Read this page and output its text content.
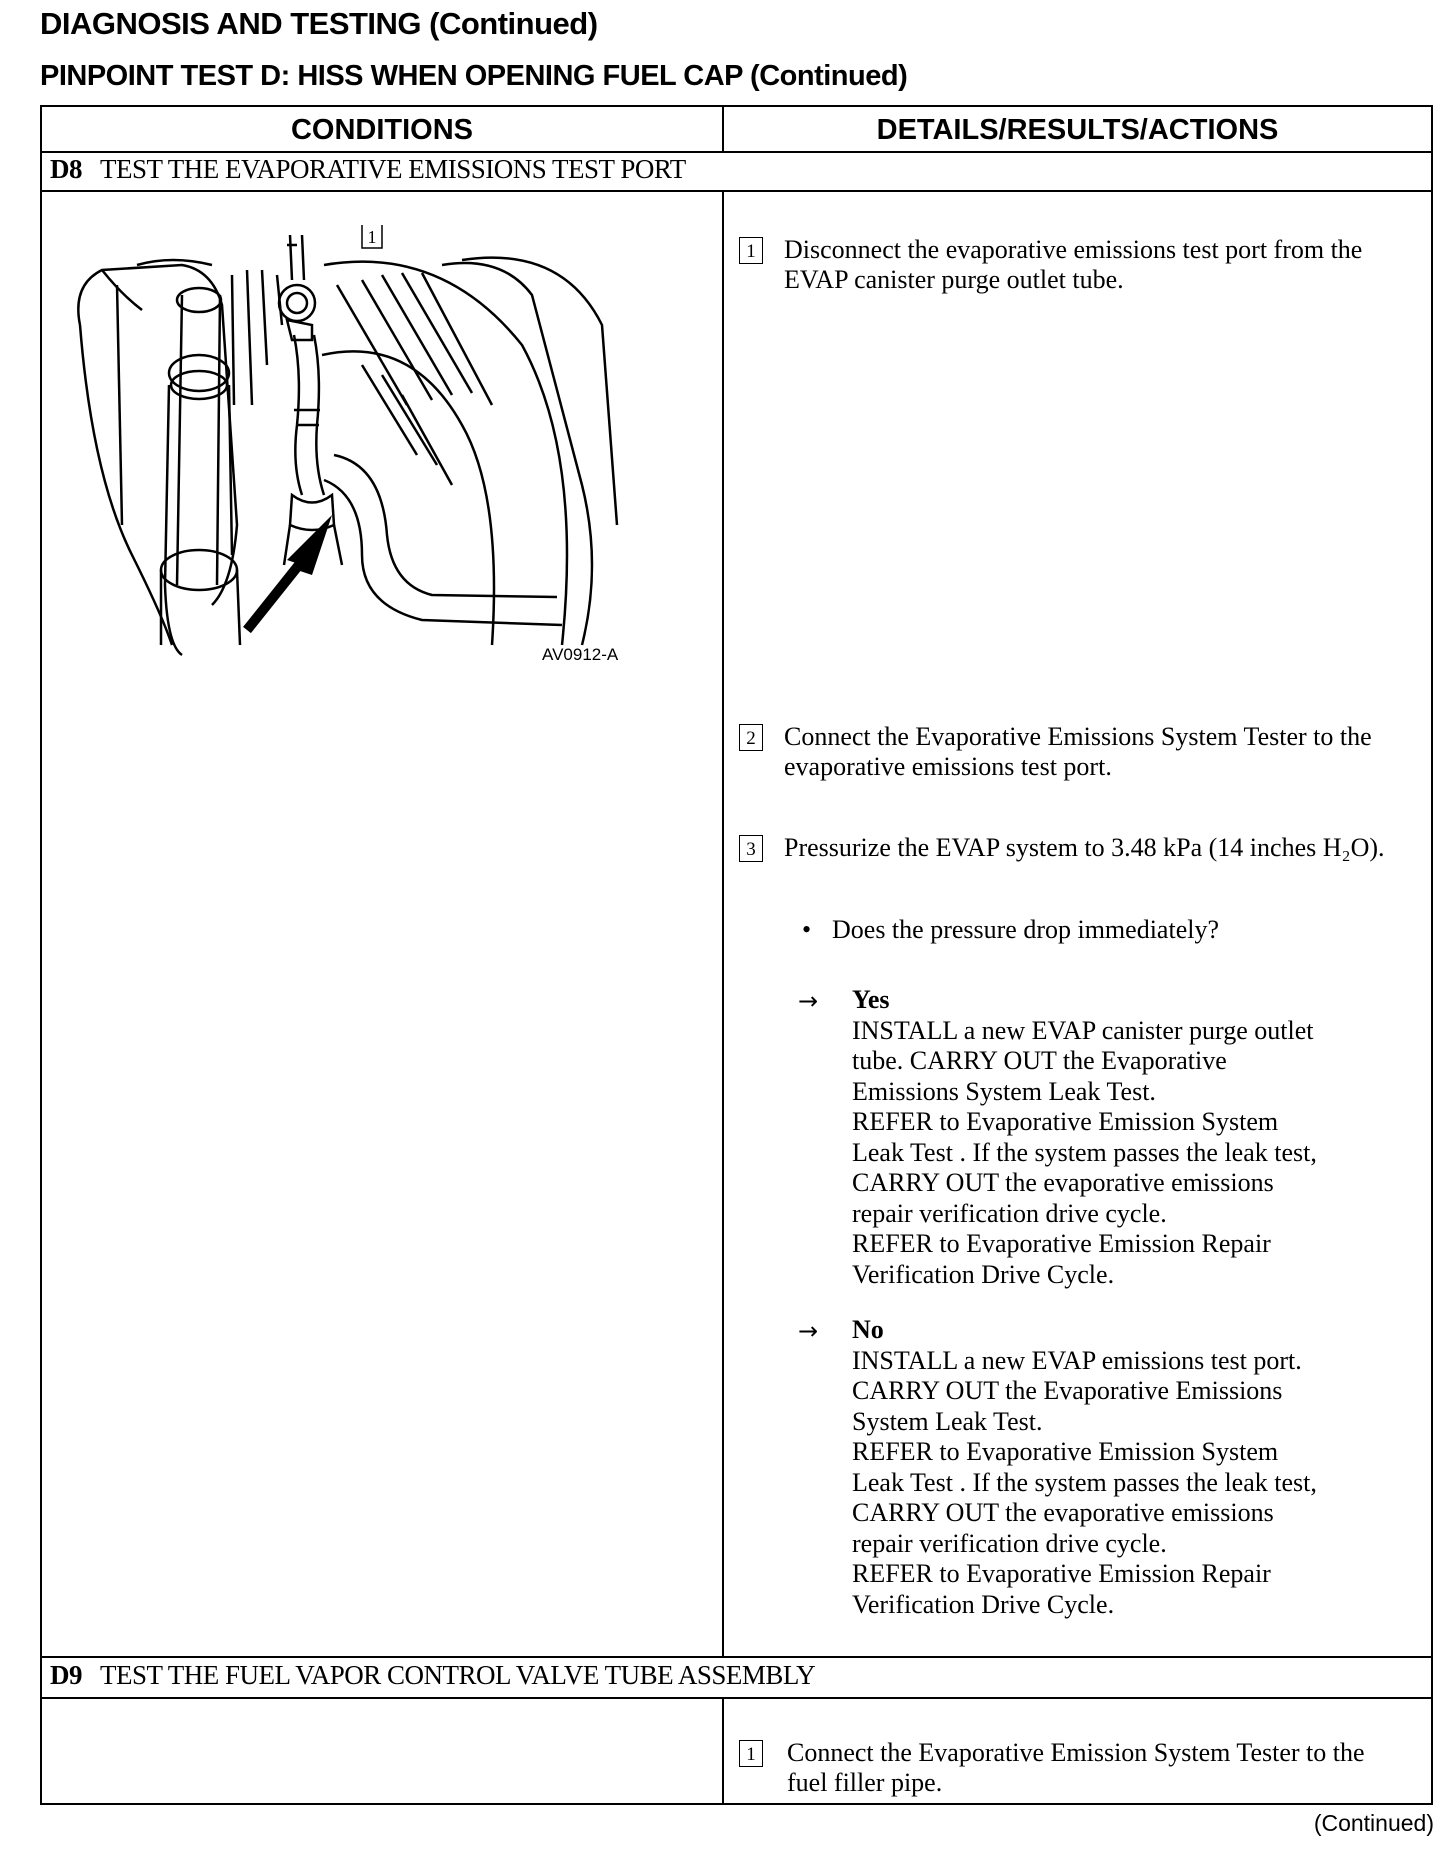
DIAGNOSIS AND TESTING (Continued)
PINPOINT TEST D: HISS WHEN OPENING FUEL CAP (Continued)
CONDITIONS	DETAILS/RESULTS/ACTIONS
D8 TEST THE EVAPORATIVE EMISSIONS TEST PORT
D9 TEST THE FUEL VAPOR CONTROL VALVE TUBE ASSEMBLY
1 Disconnect the evaporative emissions test port from the EVAP canister purge outlet tube.
2 Connect the Evaporative Emissions System Tester to the evaporative emissions test port.
3 Pressurize the EVAP system to 3.48 kPa (14 inches H₂O).
• Does the pressure drop immediately?
→ Yes
INSTALL a new EVAP canister purge outlet
tube. CARRY OUT the Evaporative
Emissions System Leak Test.
REFER to Evaporative Emission System
Leak Test . If the system passes the leak test,
CARRY OUT the evaporative emissions
repair verification drive cycle.
REFER to Evaporative Emission Repair
Verification Drive Cycle.
→ No
INSTALL a new EVAP emissions test port.
CARRY OUT the Evaporative Emissions
System Leak Test.
REFER to Evaporative Emission System
Leak Test . If the system passes the leak test,
CARRY OUT the evaporative emissions
repair verification drive cycle.
REFER to Evaporative Emission Repair
Verification Drive Cycle.
1 Connect the Evaporative Emission System Tester to the fuel filler pipe.
1
AV0912-A
(Continued)
